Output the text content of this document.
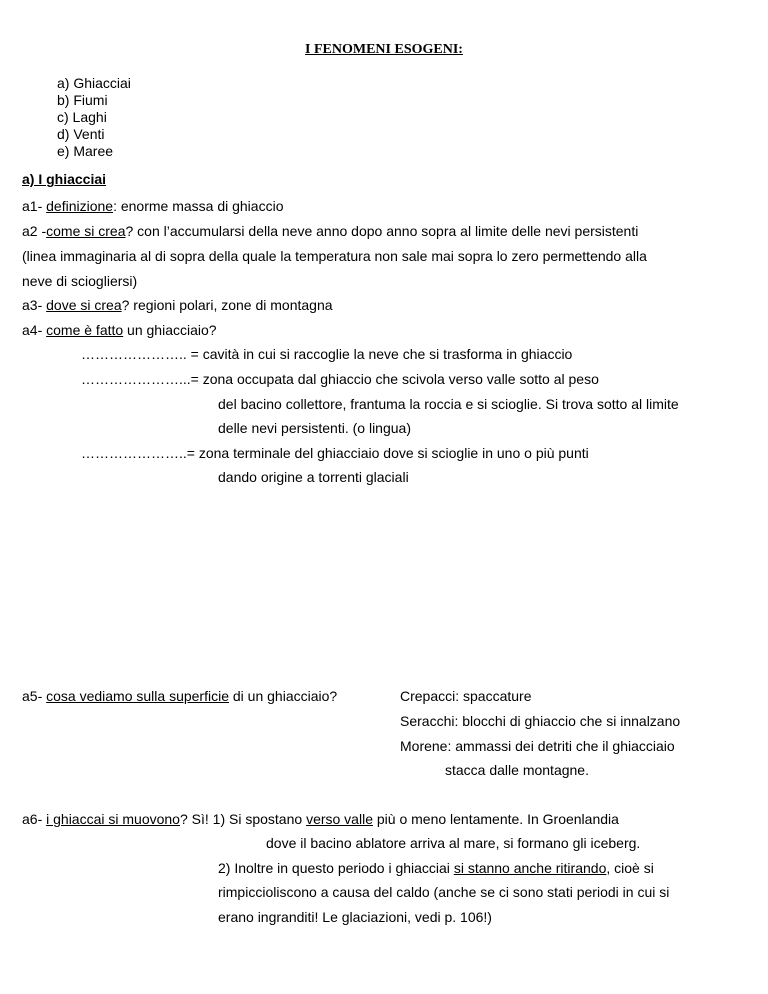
I FENOMENI ESOGENI:
a) Ghiacciai
b) Fiumi
c) Laghi
d) Venti
e) Maree
a) I ghiacciai
a1- definizione: enorme massa di ghiaccio
a2 -come si crea? con l’accumularsi della neve anno dopo anno sopra al limite delle nevi persistenti
(linea immaginaria al di sopra della quale la temperatura non sale mai sopra lo zero permettendo alla
neve di sciogliersi)
a3- dove si crea? regioni polari, zone di montagna
a4- come è fatto un ghiacciaio?
………………….. = cavità in cui si raccoglie la neve che si trasforma in ghiaccio
…………………...= zona occupata dal ghiaccio che scivola verso valle sotto al peso
del bacino collettore, frantuma la roccia e si scioglie. Si trova sotto al limite
delle nevi persistenti. (o lingua)
…………………..= zona terminale del ghiacciaio dove si scioglie in uno o più punti
dando origine a torrenti glaciali
a5- cosa vediamo sulla superficie di un ghiacciaio?	Crepacci: spaccature
Seracchi: blocchi di ghiaccio che si innalzano
Morene: ammassi dei detriti che il ghiacciaio
stacca dalle montagne.
a6- i ghiaccai si muovono? Sì! 1) Si spostano verso valle più o meno lentamente. In Groenlandia
dove il bacino ablatore arriva al mare, si formano gli iceberg.
2) Inoltre in questo periodo i ghiacciai si stanno anche ritirando, cioè si
rimpiccioliscono a causa del caldo (anche se ci sono stati periodi in cui si
erano ingranditi! Le glaciazioni, vedi p. 106!)
